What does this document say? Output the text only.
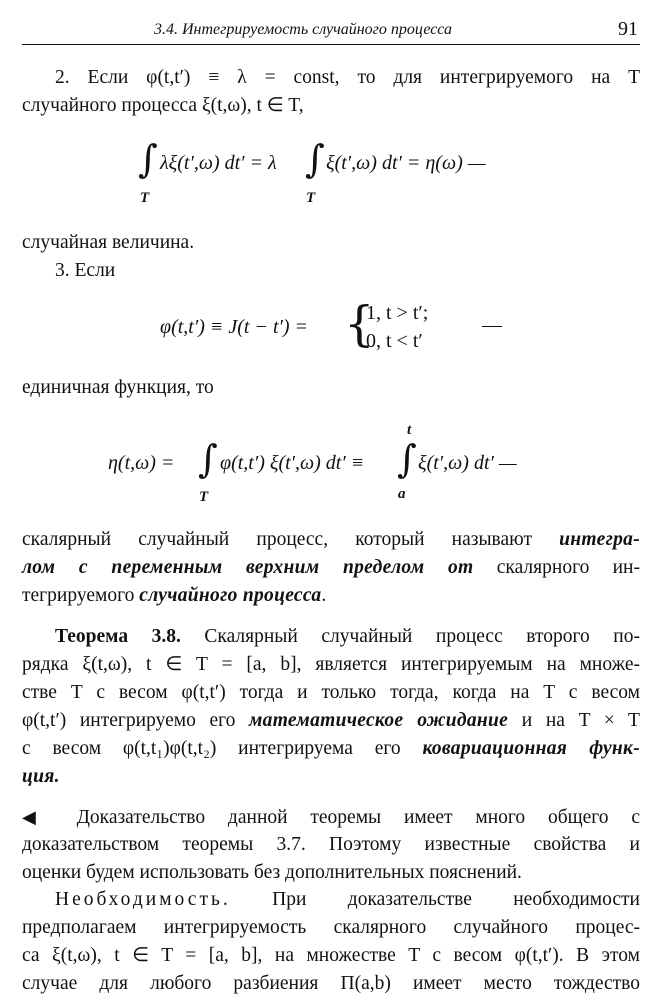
3.4. Интегрируемость случайного процесса	91
2. Если φ(t,t′) ≡ λ = const, то для интегрируемого на T
случайного процесса ξ(t,ω), t ∈ T,
∫
T
λξ(t′,ω) dt′ = λ ∫
T
ξ(t′,ω) dt′ = η(ω) —
случайная величина.
3. Если
φ(t,t′) ≡ J(t − t′) = {
1, t > t′;
0, t < t′
—
единичная функция, то
η(t,ω) = ∫
T
φ(t,t′) ξ(t′,ω) dt′ ≡
t
∫
a
ξ(t′,ω) dt′ —
скалярный случайный процесс, который называют интегра-
лом с переменным верхним пределом от скалярного ин-
тегрируемого случайного процесса.
Теорема 3.8. Скалярный случайный процесс второго по-
рядка ξ(t,ω), t ∈ T = [a, b], является интегрируемым на множе-
стве T с весом φ(t,t′) тогда и только тогда, когда на T с весом
φ(t,t′) интегрируемо его математическое ожидание и на T × T
с весом φ(t,t₁)φ(t,t₂) интегрируема его ковариационная функ-
ция.
◀ Доказательство данной теоремы имеет много общего с
доказательством теоремы 3.7. Поэтому известные свойства и
оценки будем использовать без дополнительных пояснений.
Необходимость. При доказательстве необходимости
предполагаем интегрируемость скалярного случайного процес-
са ξ(t,ω), t ∈ T = [a, b], на множестве T с весом φ(t,t′). В этом
случае для любого разбиения Π(a,b) имеет место тождество
